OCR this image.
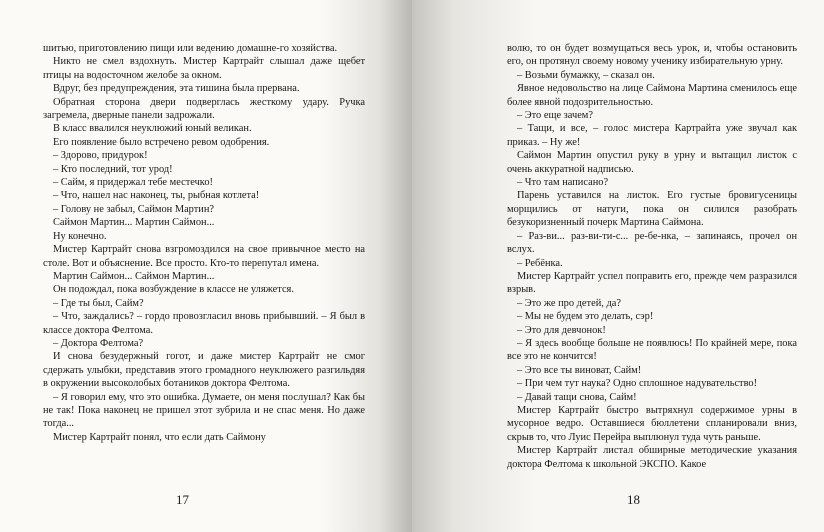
шитью, приготовлению пищи или ведению домашне-го хозяйства.

Никто не смел вздохнуть. Мистер Картрайт слышал даже щебет птицы на водосточном желобе за окном.

Вдруг, без предупреждения, эта тишина была прервана.

Обратная сторона двери подверглась жесткому удару. Ручка загремела, дверные панели задрожали.

В класс ввалился неуклюжий юный великан.

Его появление было встречено ревом одобрения.

– Здорово, придурок!

– Кто последний, тот урод!

– Сайм, я придержал тебе местечко!

– Что, нашел нас наконец, ты, рыбная котлета!

– Голову не забыл, Саймон Мартин?

Саймон Мартин... Мартин Саймон...

Ну конечно.

Мистер Картрайт снова взгромоздился на свое привычное место на столе. Вот и объяснение. Все просто. Кто-то перепутал имена.

Мартин Саймон... Саймон Мартин...

Он подождал, пока возбуждение в классе не уляжется.

– Где ты был, Сайм?

– Что, заждались? – гордо провозгласил вновь прибывший. – Я был в классе доктора Фелтома.

– Доктора Фелтома?

И снова безудержный гогот, и даже мистер Картрайт не смог сдержать улыбки, представив этого громадного неуклюжего разгильдяя в окружении высоколобых ботаников доктора Фелтома.

– Я говорил ему, что это ошибка. Думаете, он меня послушал? Как бы не так! Пока наконец не пришел этот зубрила и не спас меня. Но даже тогда...

Мистер Картрайт понял, что если дать Саймону

17

волю, то он будет возмущаться весь урок, и, чтобы остановить его, он протянул своему новому ученику избирательную урну.

– Возьми бумажку, – сказал он.

Явное недовольство на лице Саймона Мартина сменилось еще более явной подозрительностью.

– Это еще зачем?

– Тащи, и все, – голос мистера Картрайта уже звучал как приказ. – Ну же!

Саймон Мартин опустил руку в урну и вытащил листок с очень аккуратной надписью.

– Что там написано?

Парень уставился на листок. Его густые бровигусеницы морщились от натуги, пока он силился разобрать безукоризненный почерк Мартина Саймона.

– Раз-ви... раз-ви-ти-с... ре-бе-нка, – запинаясь, прочел он вслух.

– Ребёнка.

Мистер Картрайт успел поправить его, прежде чем разразился взрыв.

– Это же про детей, да?

– Мы не будем это делать, сэр!

– Это для девчонок!

– Я здесь вообще больше не появлюсь! По крайней мере, пока все это не кончится!

– Это все ты виноват, Сайм!

– При чем тут наука? Одно сплошное надувательство!

– Давай тащи снова, Сайм!

Мистер Картрайт быстро вытряхнул содержимое урны в мусорное ведро. Оставшиеся бюллетени спланировали вниз, скрыв то, что Луис Перейра выплюнул туда чуть раньше.

Мистер Картрайт листал обширные методические указания доктора Фелтома к школьной ЭКСПО. Какое

18
